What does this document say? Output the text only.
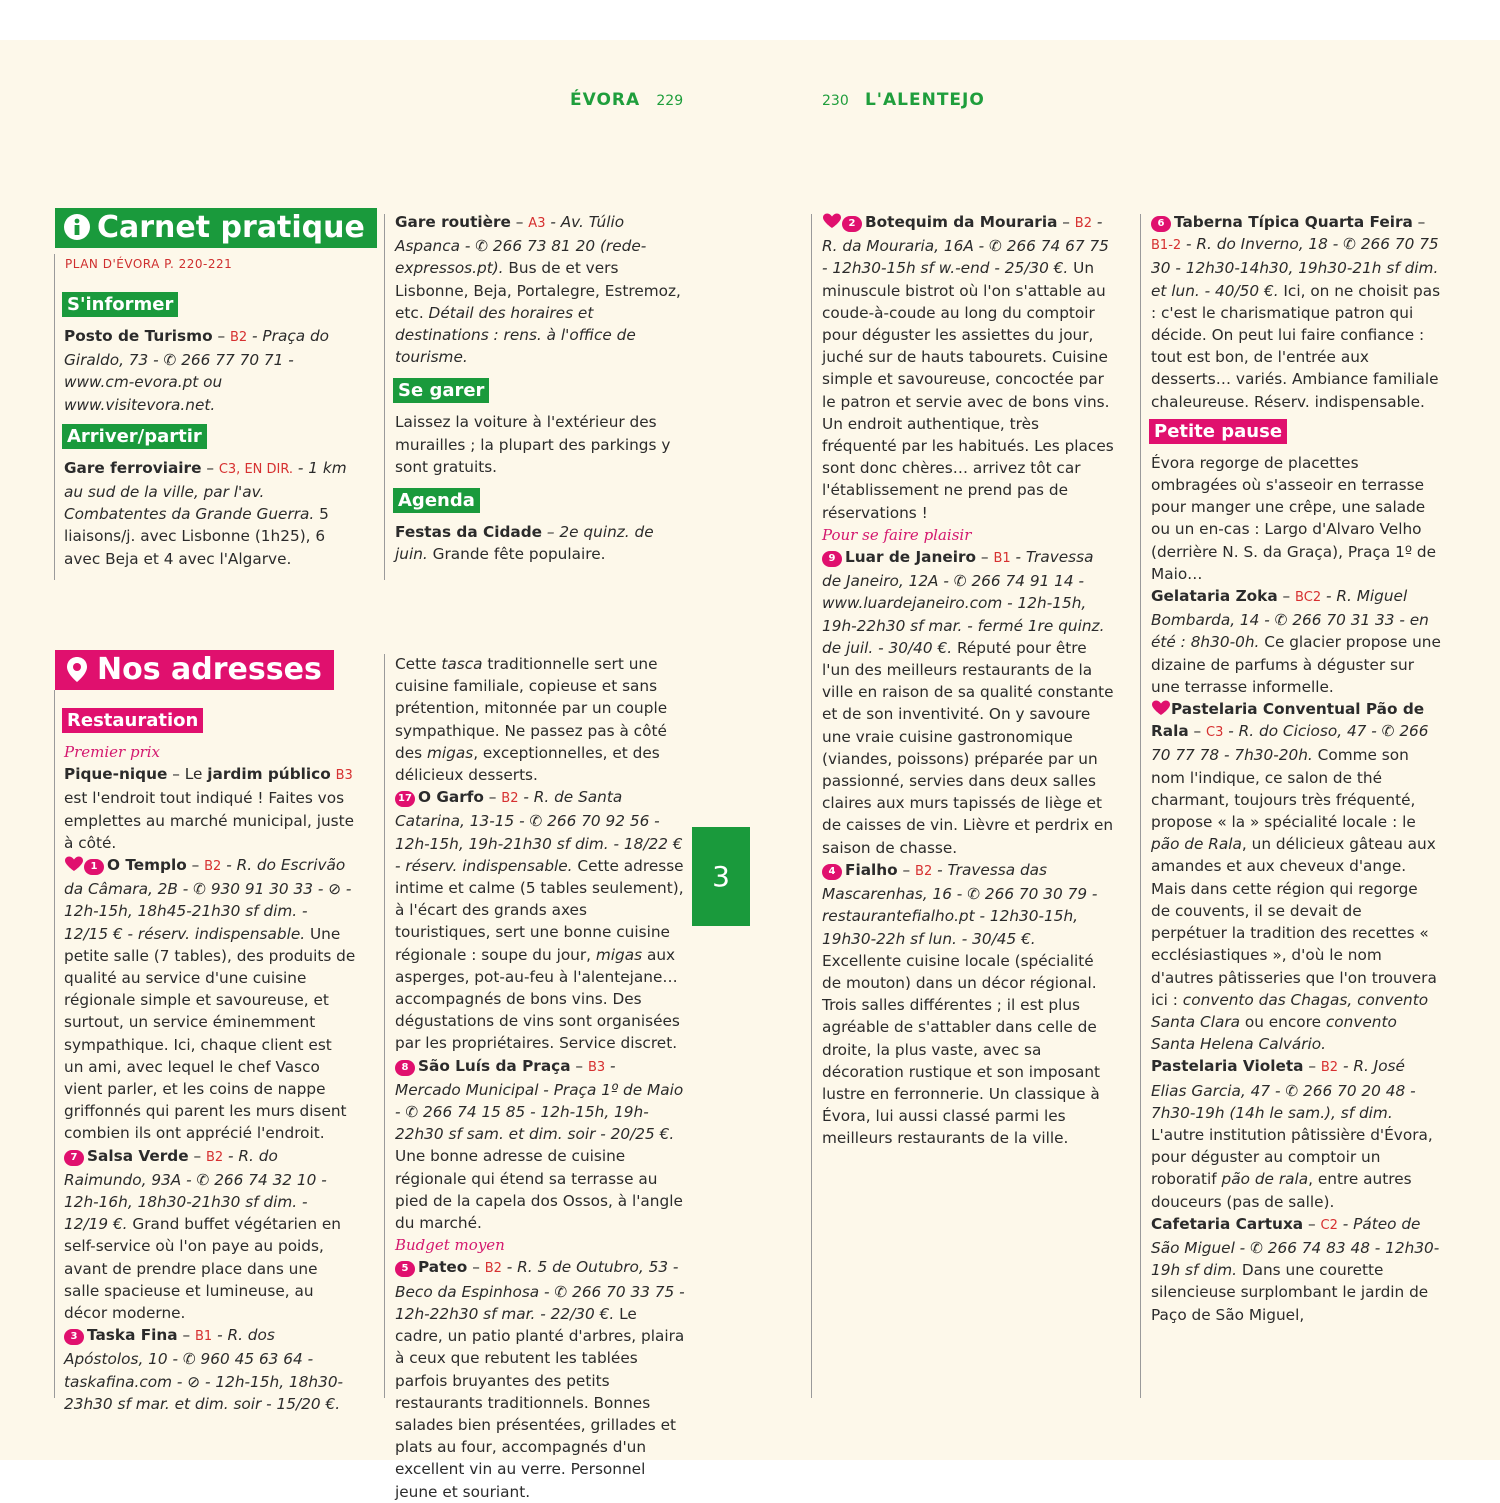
ÉVORA 229	230 L'ALENTEJO
Carnet pratique
PLAN D'ÉVORA P. 220-221
S'informer

Posto de Turismo – B2 - Praça do Giraldo, 73 - ✆ 266 77 70 71 - www.cm-evora.pt ou www.visitevora.net.

Arriver/partir

Gare ferroviaire – C3, EN DIR. - 1 km au sud de la ville, par l'av. Combatentes da Grande Guerra. 5 liaisons/j. avec Lisbonne (1h25), 6 avec Beja et 4 avec l'Algarve.

Gare routière – A3 - Av. Túlio Aspanca - ✆ 266 73 81 20 (rede-expressos.pt). Bus de et vers Lisbonne, Beja, Portalegre, Estremoz, etc. Détail des horaires et destinations : rens. à l'office de tourisme.

Se garer

Laissez la voiture à l'extérieur des murailles ; la plupart des parkings y sont gratuits.

Agenda

Festas da Cidade – 2e quinz. de juin. Grande fête populaire.

Nos adresses
Restauration

Premier prix

Pique-nique – Le jardim público B3 est l'endroit tout indiqué ! Faites vos emplettes au marché municipal, juste à côté.

1 O Templo – B2 - R. do Escrivão da Câmara, 2B - ✆ 930 91 30 33 - ⊘ - 12h-15h, 18h45-21h30 sf dim. - 12/15 € - réserv. indispensable. Une petite salle (7 tables), des produits de qualité au service d'une cuisine régionale simple et savoureuse, et surtout, un service éminemment sympathique. Ici, chaque client est un ami, avec lequel le chef Vasco vient parler, et les coins de nappe griffonnés qui parent les murs disent combien ils ont apprécié l'endroit.

7 Salsa Verde – B2 - R. do Raimundo, 93A - ✆ 266 74 32 10 - 12h-16h, 18h30-21h30 sf dim. - 12/19 €. Grand buffet végétarien en self-service où l'on paye au poids, avant de prendre place dans une salle spacieuse et lumineuse, au décor moderne.

3 Taska Fina – B1 - R. dos Apóstolos, 10 - ✆ 960 45 63 64 - taskafina.com - ⊘ - 12h-15h, 18h30-23h30 sf mar. et dim. soir - 15/20 €.

Cette tasca traditionnelle sert une cuisine familiale, copieuse et sans prétention, mitonnée par un couple sympathique. Ne passez pas à côté des migas, exceptionnelles, et des délicieux desserts.

17 O Garfo – B2 - R. de Santa Catarina, 13-15 - ✆ 266 70 92 56 - 12h-15h, 19h-21h30 sf dim. - 18/22 € - réserv. indispensable. Cette adresse intime et calme (5 tables seulement), à l'écart des grands axes touristiques, sert une bonne cuisine régionale : soupe du jour, migas aux asperges, pot-au-feu à l'alentejane… accompagnés de bons vins. Des dégustations de vins sont organisées par les propriétaires. Service discret.

8 São Luís da Praça – B3 - Mercado Municipal - Praça 1º de Maio - ✆ 266 74 15 85 - 12h-15h, 19h-22h30 sf sam. et dim. soir - 20/25 €. Une bonne adresse de cuisine régionale qui étend sa terrasse au pied de la capela dos Ossos, à l'angle du marché.

Budget moyen

5 Pateo – B2 - R. 5 de Outubro, 53 - Beco da Espinhosa - ✆ 266 70 33 75 - 12h-22h30 sf mar. - 22/30 €. Le cadre, un patio planté d'arbres, plaira à ceux que rebutent les tablées parfois bruyantes des petits restaurants traditionnels. Bonnes salades bien présentées, grillades et plats au four, accompagnés d'un excellent vin au verre. Personnel jeune et souriant.

2 Botequim da Mouraria – B2 - R. da Mouraria, 16A - ✆ 266 74 67 75 - 12h30-15h sf w.-end - 25/30 €. Un minuscule bistrot où l'on s'attable au coude-à-coude au long du comptoir pour déguster les assiettes du jour, juché sur de hauts tabourets. Cuisine simple et savoureuse, concoctée par le patron et servie avec de bons vins. Un endroit authentique, très fréquenté par les habitués. Les places sont donc chères… arrivez tôt car l'établissement ne prend pas de réservations !

Pour se faire plaisir

9 Luar de Janeiro – B1 - Travessa de Janeiro, 12A - ✆ 266 74 91 14 - www.luardejaneiro.com - 12h-15h, 19h-22h30 sf mar. - fermé 1re quinz. de juil. - 30/40 €. Réputé pour être l'un des meilleurs restaurants de la ville en raison de sa qualité constante et de son inventivité. On y savoure une vraie cuisine gastronomique (viandes, poissons) préparée par un passionné, servies dans deux salles claires aux murs tapissés de liège et de caisses de vin. Lièvre et perdrix en saison de chasse.

4 Fialho – B2 - Travessa das Mascarenhas, 16 - ✆ 266 70 30 79 - restaurantefialho.pt - 12h30-15h, 19h30-22h sf lun. - 30/45 €. Excellente cuisine locale (spécialité de mouton) dans un décor régional. Trois salles différentes ; il est plus agréable de s'attabler dans celle de droite, la plus vaste, avec sa décoration rustique et son imposant lustre en ferronnerie. Un classique à Évora, lui aussi classé parmi les meilleurs restaurants de la ville.

6 Taberna Típica Quarta Feira – B1-2 - R. do Inverno, 18 - ✆ 266 70 75 30 - 12h30-14h30, 19h30-21h sf dim. et lun. - 40/50 €. Ici, on ne choisit pas : c'est le charismatique patron qui décide. On peut lui faire confiance : tout est bon, de l'entrée aux desserts… variés. Ambiance familiale chaleureuse. Réserv. indispensable.

Petite pause

Évora regorge de placettes ombragées où s'asseoir en terrasse pour manger une crêpe, une salade ou un en-cas : Largo d'Alvaro Velho (derrière N. S. da Graça), Praça 1º de Maio…

Gelataria Zoka – BC2 - R. Miguel Bombarda, 14 - ✆ 266 70 31 33 - en été : 8h30-0h. Ce glacier propose une dizaine de parfums à déguster sur une terrasse informelle.

Pastelaria Conventual Pão de Rala – C3 - R. do Cicioso, 47 - ✆ 266 70 77 78 - 7h30-20h. Comme son nom l'indique, ce salon de thé charmant, toujours très fréquenté, propose « la » spécialité locale : le pão de Rala, un délicieux gâteau aux amandes et aux cheveux d'ange. Mais dans cette région qui regorge de couvents, il se devait de perpétuer la tradition des recettes « ecclésiastiques », d'où le nom d'autres pâtisseries que l'on trouvera ici : convento das Chagas, convento Santa Clara ou encore convento Santa Helena Calvário.

Pastelaria Violeta – B2 - R. José Elias Garcia, 47 - ✆ 266 70 20 48 - 7h30-19h (14h le sam.), sf dim. L'autre institution pâtissière d'Évora, pour déguster au comptoir un roboratif pão de rala, entre autres douceurs (pas de salle).

Cafetaria Cartuxa – C2 - Páteo de São Miguel - ✆ 266 74 83 48 - 12h30-19h sf dim. Dans une courette silencieuse surplombant le jardin de Paço de São Miguel,

3
